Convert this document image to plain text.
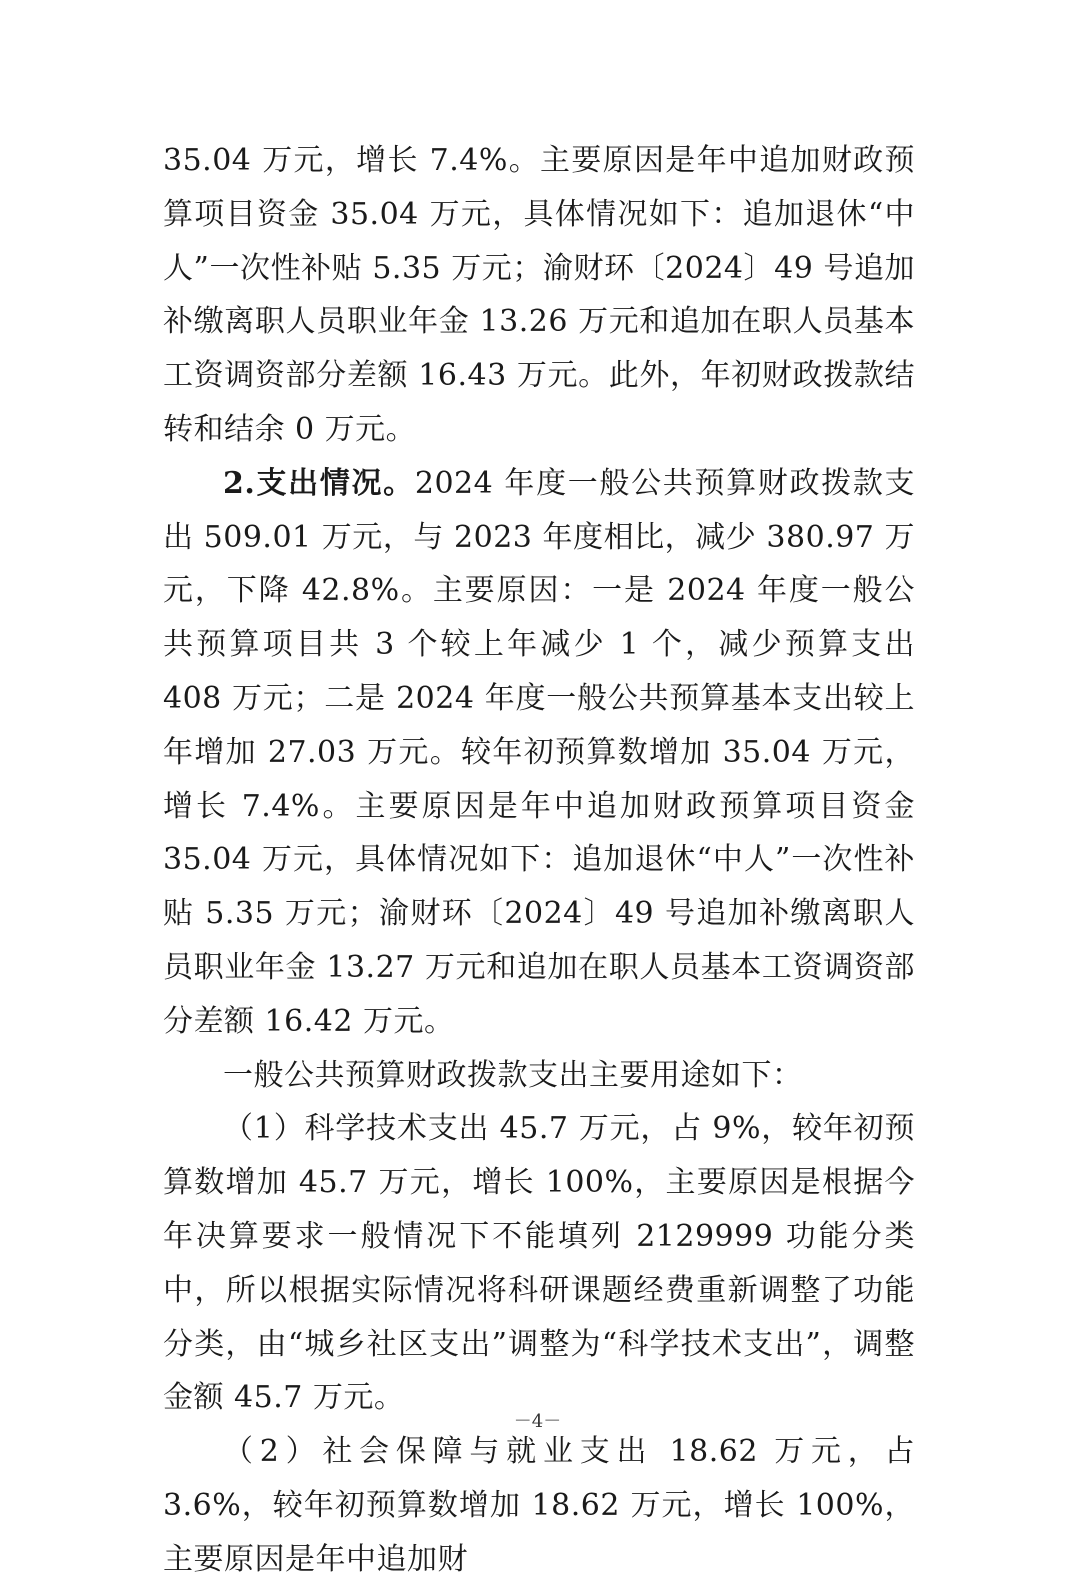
35.04 万元，增长 7.4%。主要原因是年中追加财政预算项目资金 35.04 万元，具体情况如下：追加退休“中人”一次性补贴 5.35 万元；渝财环〔2024〕49 号追加补缴离职人员职业年金 13.26 万元和追加在职人员基本工资调资部分差额 16.43 万元。此外，年初财政拨款结转和结余 0 万元。

2.支出情况。2024 年度一般公共预算财政拨款支出 509.01 万元，与 2023 年度相比，减少 380.97 万元，下降 42.8%。主要原因：一是 2024 年度一般公共预算项目共 3 个较上年减少 1 个，减少预算支出 408 万元；二是 2024 年度一般公共预算基本支出较上年增加 27.03 万元。较年初预算数增加 35.04 万元，增长 7.4%。主要原因是年中追加财政预算项目资金 35.04 万元，具体情况如下：追加退休“中人”一次性补贴 5.35 万元；渝财环〔2024〕49 号追加补缴离职人员职业年金 13.27 万元和追加在职人员基本工资调资部分差额 16.42 万元。

一般公共预算财政拨款支出主要用途如下：

（1）科学技术支出 45.7 万元，占 9%，较年初预算数增加 45.7 万元，增长 100%，主要原因是根据今年决算要求一般情况下不能填列 2129999 功能分类中，所以根据实际情况将科研课题经费重新调整了功能分类，由“城乡社区支出”调整为“科学技术支出”，调整金额 45.7 万元。

（2）社会保障与就业支出 18.62 万元，占 3.6%，较年初预算数增加 18.62 万元，增长 100%，主要原因是年中追加财

－4－
